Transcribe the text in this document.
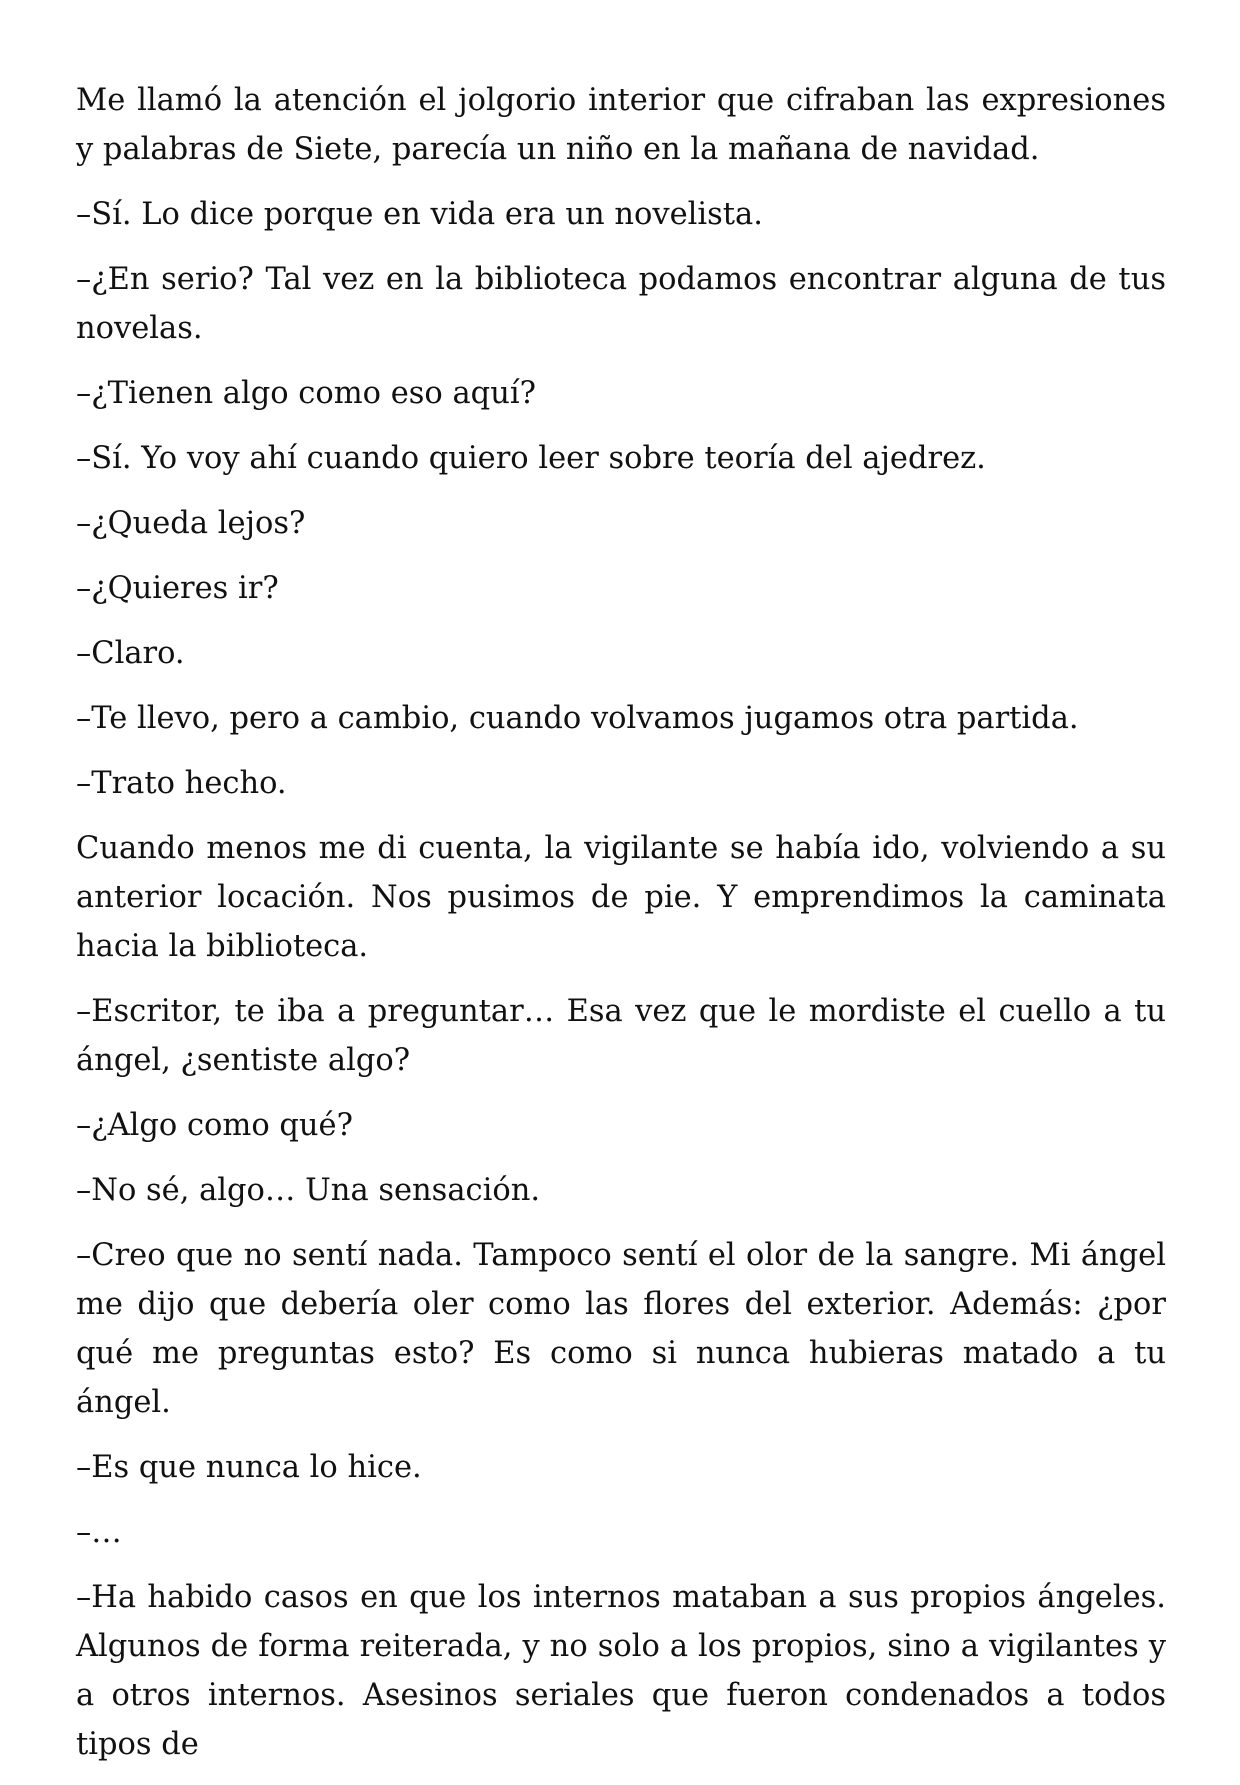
Me llamó la atención el jolgorio interior que cifraban las expresiones y palabras de Siete, parecía un niño en la mañana de navidad.

–Sí. Lo dice porque en vida era un novelista.

–¿En serio? Tal vez en la biblioteca podamos encontrar alguna de tus novelas.

–¿Tienen algo como eso aquí?

–Sí. Yo voy ahí cuando quiero leer sobre teoría del ajedrez.

–¿Queda lejos?

–¿Quieres ir?

–Claro.

–Te llevo, pero a cambio, cuando volvamos jugamos otra partida.

–Trato hecho.

Cuando menos me di cuenta, la vigilante se había ido, volviendo a su anterior locación. Nos pusimos de pie. Y emprendimos la caminata hacia la biblioteca.

–Escritor, te iba a preguntar… Esa vez que le mordiste el cuello a tu ángel, ¿sentiste algo?

–¿Algo como qué?

–No sé, algo… Una sensación.

–Creo que no sentí nada. Tampoco sentí el olor de la sangre. Mi ángel me dijo que debería oler como las flores del exterior. Además: ¿por qué me preguntas esto? Es como si nunca hubieras matado a tu ángel.

–Es que nunca lo hice.

–…

–Ha habido casos en que los internos mataban a sus propios ángeles. Algunos de forma reiterada, y no solo a los propios, sino a vigilantes y a otros internos. Asesinos seriales que fueron condenados a todos tipos de
